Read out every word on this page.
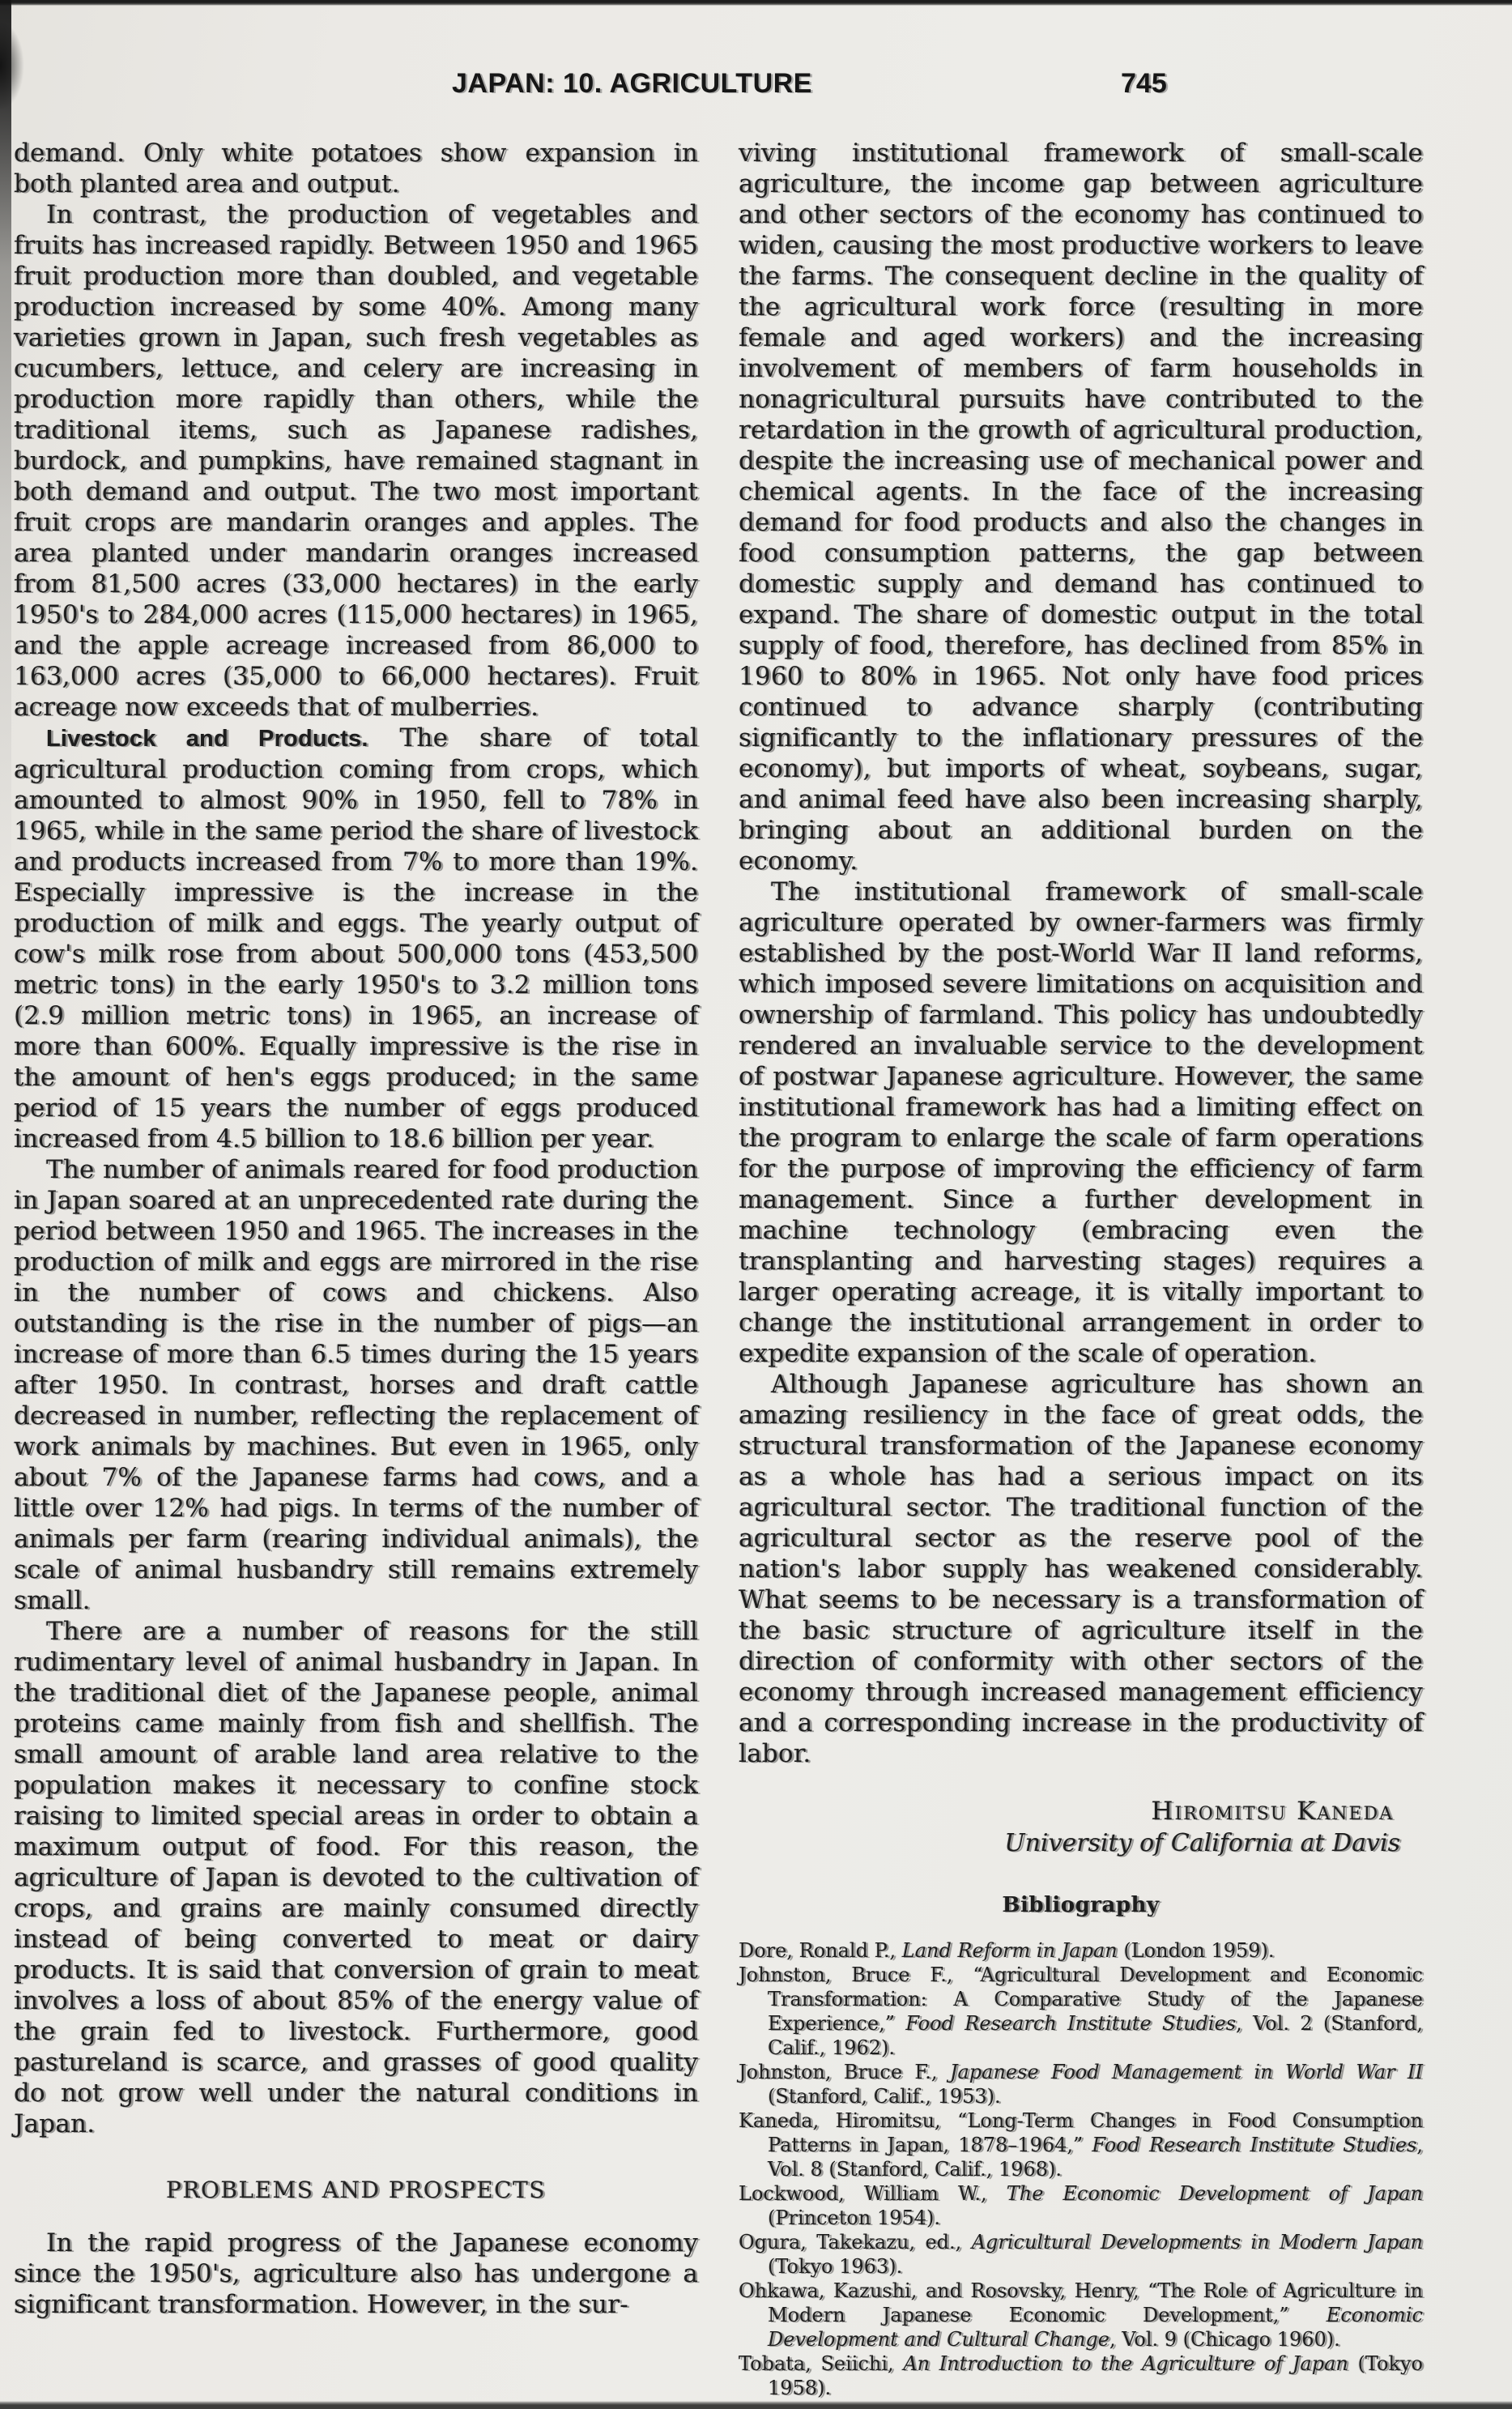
JAPAN: 10. AGRICULTURE	745

demand. Only white potatoes show expansion in both planted area and output.

In contrast, the production of vegetables and fruits has increased rapidly. Between 1950 and 1965 fruit production more than doubled, and vegetable production increased by some 40%. Among many varieties grown in Japan, such fresh vegetables as cucumbers, lettuce, and celery are increasing in production more rapidly than others, while the traditional items, such as Japanese radishes, burdock, and pumpkins, have remained stagnant in both demand and output. The two most important fruit crops are mandarin oranges and apples. The area planted under mandarin oranges increased from 81,500 acres (33,000 hectares) in the early 1950's to 284,000 acres (115,000 hectares) in 1965, and the apple acreage increased from 86,000 to 163,000 acres (35,000 to 66,000 hectares). Fruit acreage now exceeds that of mulberries.

Livestock and Products. The share of total agricultural production coming from crops, which amounted to almost 90% in 1950, fell to 78% in 1965, while in the same period the share of livestock and products increased from 7% to more than 19%. Especially impressive is the increase in the production of milk and eggs. The yearly output of cow's milk rose from about 500,000 tons (453,500 metric tons) in the early 1950's to 3.2 million tons (2.9 million metric tons) in 1965, an increase of more than 600%. Equally impressive is the rise in the amount of hen's eggs produced; in the same period of 15 years the number of eggs produced increased from 4.5 billion to 18.6 billion per year.

The number of animals reared for food production in Japan soared at an unprecedented rate during the period between 1950 and 1965. The increases in the production of milk and eggs are mirrored in the rise in the number of cows and chickens. Also outstanding is the rise in the number of pigs—an increase of more than 6.5 times during the 15 years after 1950. In contrast, horses and draft cattle decreased in number, reflecting the replacement of work animals by machines. But even in 1965, only about 7% of the Japanese farms had cows, and a little over 12% had pigs. In terms of the number of animals per farm (rearing individual animals), the scale of animal husbandry still remains extremely small.

There are a number of reasons for the still rudimentary level of animal husbandry in Japan. In the traditional diet of the Japanese people, animal proteins came mainly from fish and shellfish. The small amount of arable land area relative to the population makes it necessary to confine stock raising to limited special areas in order to obtain a maximum output of food. For this reason, the agriculture of Japan is devoted to the cultivation of crops, and grains are mainly consumed directly instead of being converted to meat or dairy products. It is said that conversion of grain to meat involves a loss of about 85% of the energy value of the grain fed to livestock. Furthermore, good pastureland is scarce, and grasses of good quality do not grow well under the natural conditions in Japan.

PROBLEMS AND PROSPECTS

In the rapid progress of the Japanese economy since the 1950's, agriculture also has undergone a significant transformation. However, in the sur-

viving institutional framework of small-scale agriculture, the income gap between agriculture and other sectors of the economy has continued to widen, causing the most productive workers to leave the farms. The consequent decline in the quality of the agricultural work force (resulting in more female and aged workers) and the increasing involvement of members of farm households in nonagricultural pursuits have contributed to the retardation in the growth of agricultural production, despite the increasing use of mechanical power and chemical agents. In the face of the increasing demand for food products and also the changes in food consumption patterns, the gap between domestic supply and demand has continued to expand. The share of domestic output in the total supply of food, therefore, has declined from 85% in 1960 to 80% in 1965. Not only have food prices continued to advance sharply (contributing significantly to the inflationary pressures of the economy), but imports of wheat, soybeans, sugar, and animal feed have also been increasing sharply, bringing about an additional burden on the economy.

The institutional framework of small-scale agriculture operated by owner-farmers was firmly established by the post-World War II land reforms, which imposed severe limitations on acquisition and ownership of farmland. This policy has undoubtedly rendered an invaluable service to the development of postwar Japanese agriculture. However, the same institutional framework has had a limiting effect on the program to enlarge the scale of farm operations for the purpose of improving the efficiency of farm management. Since a further development in machine technology (embracing even the transplanting and harvesting stages) requires a larger operating acreage, it is vitally important to change the institutional arrangement in order to expedite expansion of the scale of operation.

Although Japanese agriculture has shown an amazing resiliency in the face of great odds, the structural transformation of the Japanese economy as a whole has had a serious impact on its agricultural sector. The traditional function of the agricultural sector as the reserve pool of the nation's labor supply has weakened considerably. What seems to be necessary is a transformation of the basic structure of agriculture itself in the direction of conformity with other sectors of the economy through increased management efficiency and a corresponding increase in the productivity of labor.

Hiromitsu Kaneda

University of California at Davis

Bibliography

Dore, Ronald P., Land Reform in Japan (London 1959).

Johnston, Bruce F., “Agricultural Development and Economic Transformation: A Comparative Study of the Japanese Experience,” Food Research Institute Studies, Vol. 2 (Stanford, Calif., 1962).

Johnston, Bruce F., Japanese Food Management in World War II (Stanford, Calif., 1953).

Kaneda, Hiromitsu, “Long-Term Changes in Food Consumption Patterns in Japan, 1878–1964,” Food Research Institute Studies, Vol. 8 (Stanford, Calif., 1968).

Lockwood, William W., The Economic Development of Japan (Princeton 1954).

Ogura, Takekazu, ed., Agricultural Developments in Modern Japan (Tokyo 1963).

Ohkawa, Kazushi, and Rosovsky, Henry, “The Role of Agriculture in Modern Japanese Economic Development,” Economic Development and Cultural Change, Vol. 9 (Chicago 1960).

Tobata, Seiichi, An Introduction to the Agriculture of Japan (Tokyo 1958).
